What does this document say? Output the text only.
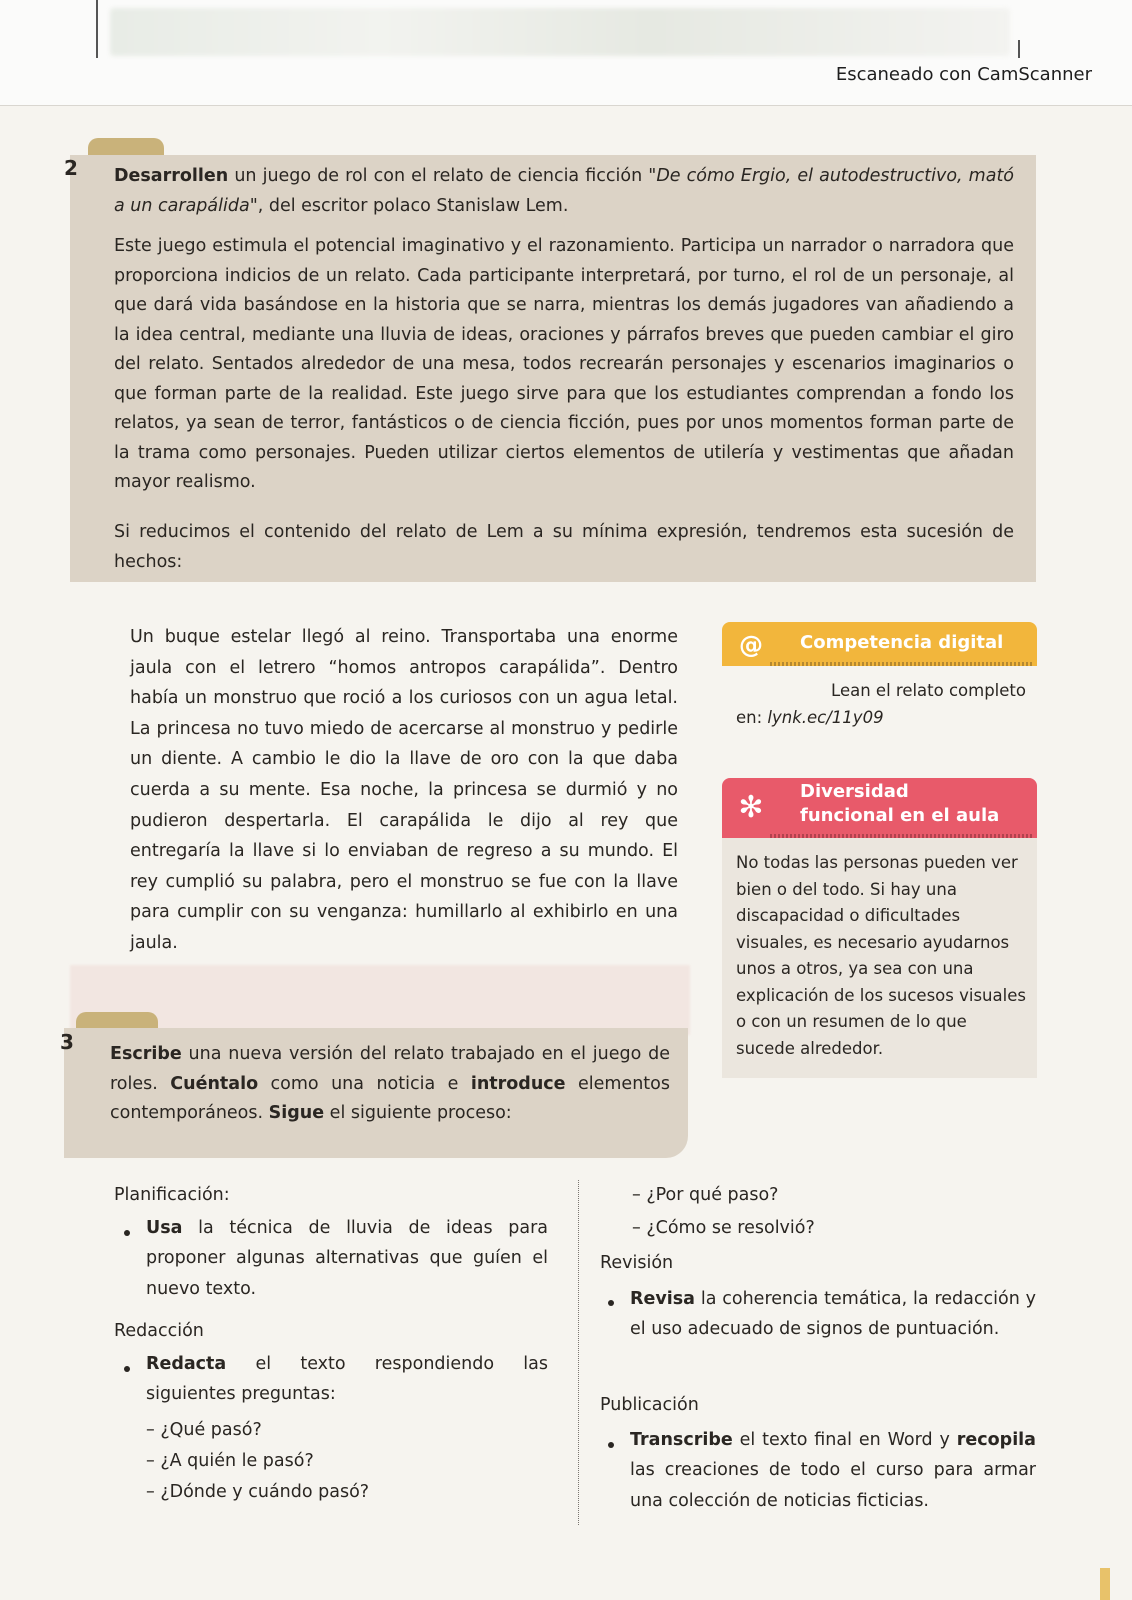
Escaneado con CamScanner
2 Desarrollen un juego de rol con el relato de ciencia ficción "De cómo Ergio, el autodestructivo, mató a un carapálida", del escritor polaco Stanislaw Lem.

Este juego estimula el potencial imaginativo y el razonamiento. Participa un narrador o narradora que proporciona indicios de un relato. Cada participante interpretará, por turno, el rol de un personaje, al que dará vida basándose en la historia que se narra, mientras los demás jugadores van añadiendo a la idea central, mediante una lluvia de ideas, oraciones y párrafos breves que pueden cambiar el giro del relato. Sentados alrededor de una mesa, todos recrearán personajes y escenarios imaginarios o que forman parte de la realidad. Este juego sirve para que los estudiantes comprendan a fondo los relatos, ya sean de terror, fantásticos o de ciencia ficción, pues por unos momentos forman parte de la trama como personajes. Pueden utilizar ciertos elementos de utilería y vestimentas que añadan mayor realismo.

Si reducimos el contenido del relato de Lem a su mínima expresión, tendremos esta sucesión de hechos:

Un buque estelar llegó al reino. Transportaba una enorme jaula con el letrero “homos antropos carapálida”. Dentro había un monstruo que roció a los curiosos con un agua letal. La princesa no tuvo miedo de acercarse al monstruo y pedirle un diente. A cambio le dio la llave de oro con la que daba cuerda a su mente. Esa noche, la princesa se durmió y no pudieron despertarla. El carapálida le dijo al rey que entregaría la llave si lo enviaban de regreso a su mundo. El rey cumplió su palabra, pero el monstruo se fue con la llave para cumplir con su venganza: humillarlo al exhibirlo en una jaula.

@	Competencia digital

Lean el relato completo
en: lynk.ec/11y09

✻	Diversidad
funcional en el aula

No todas las personas pueden ver bien o del todo. Si hay una discapacidad o dificultades visuales, es necesario ayudarnos unos a otros, ya sea con una explicación de los sucesos visuales o con un resumen de lo que sucede alrededor.

3 Escribe una nueva versión del relato trabajado en el juego de roles. Cuéntalo como una noticia e introduce elementos contemporáneos. Sigue el siguiente proceso:

Planificación:
Usa la técnica de lluvia de ideas para proponer algunas alternativas que guíen el nuevo texto.
Redacción
Redacta el texto respondiendo las siguientes preguntas:
– ¿Qué pasó?
– ¿A quién le pasó?
– ¿Dónde y cuándo pasó?
– ¿Por qué paso?
– ¿Cómo se resolvió?
Revisión
Revisa la coherencia temática, la redacción y el uso adecuado de signos de puntuación.
Publicación
Transcribe el texto final en Word y recopila las creaciones de todo el curso para armar una colección de noticias ficticias.
